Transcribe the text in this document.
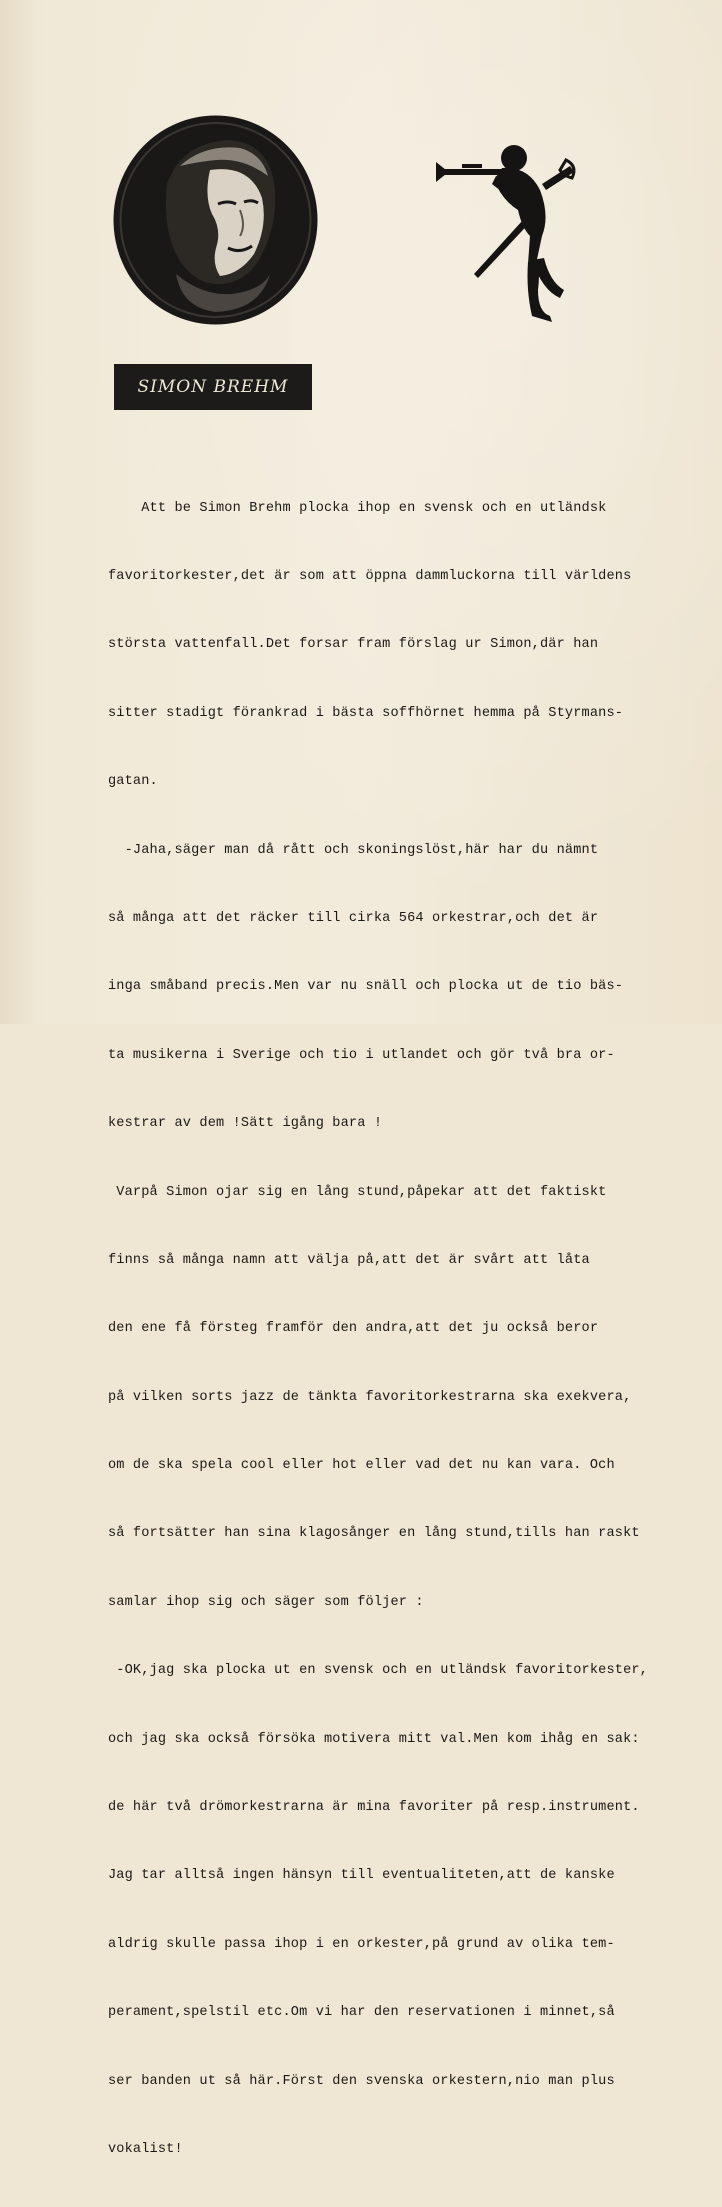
SIMON BREHM

Att be Simon Brehm plocka ihop en svensk och en utländsk

favoritorkester,det är som att öppna dammluckorna till världens

största vattenfall.Det forsar fram förslag ur Simon,där han

sitter stadigt förankrad i bästa soffhörnet hemma på Styrmans-

gatan.

-Jaha,säger man då rått och skoningslöst,här har du nämnt

så många att det räcker till cirka 564 orkestrar,och det är

inga småband precis.Men var nu snäll och plocka ut de tio bäs-

ta musikerna i Sverige och tio i utlandet och gör två bra or-

kestrar av dem !Sätt igång bara !

Varpå Simon ojar sig en lång stund,påpekar att det faktiskt

finns så många namn att välja på,att det är svårt att låta

den ene få försteg framför den andra,att det ju också beror

på vilken sorts jazz de tänkta favoritorkestrarna ska exekvera,

om de ska spela cool eller hot eller vad det nu kan vara. Och

så fortsätter han sina klagosånger en lång stund,tills han raskt

samlar ihop sig och säger som följer :

-OK,jag ska plocka ut en svensk och en utländsk favoritorkester,

och jag ska också försöka motivera mitt val.Men kom ihåg en sak:

de här två drömorkestrarna är mina favoriter på resp.instrument.

Jag tar alltså ingen hänsyn till eventualiteten,att de kanske

aldrig skulle passa ihop i en orkester,på grund av olika tem-

perament,spelstil etc.Om vi har den reservationen i minnet,så

ser banden ut så här.Först den svenska orkestern,nio man plus

vokalist!
